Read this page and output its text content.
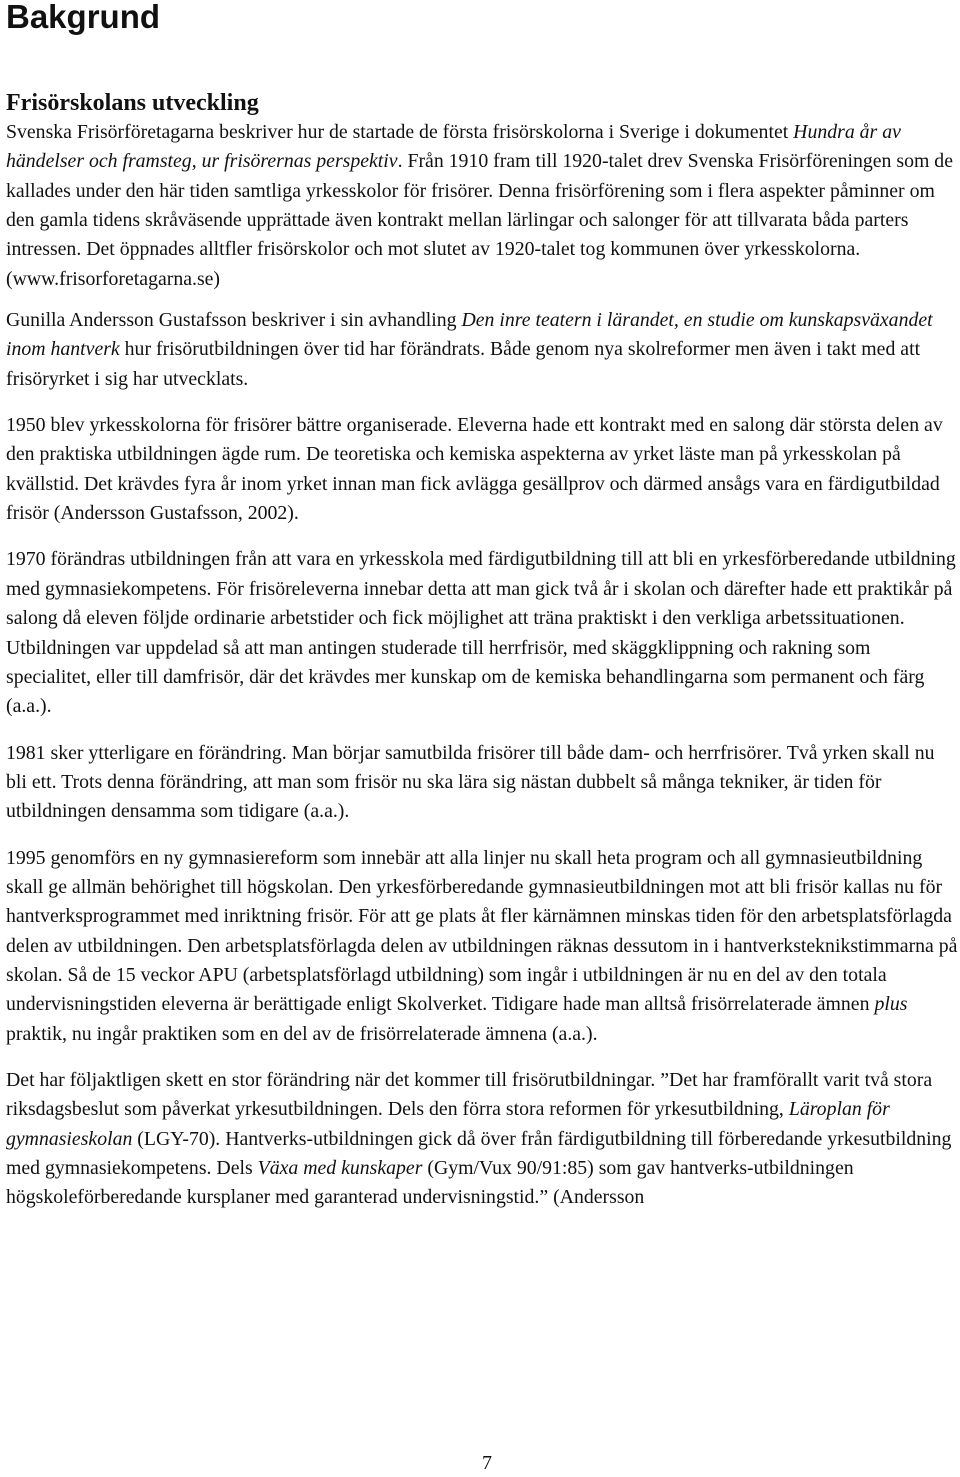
Bakgrund
Frisörskolans utveckling

Svenska Frisörföretagarna beskriver hur de startade de första frisörskolorna i Sverige i dokumentet Hundra år av händelser och framsteg, ur frisörernas perspektiv. Från 1910 fram till 1920-talet drev Svenska Frisörföreningen som de kallades under den här tiden samtliga yrkesskolor för frisörer. Denna frisörförening som i flera aspekter påminner om den gamla tidens skråväsende upprättade även kontrakt mellan lärlingar och salonger för att tillvarata båda parters intressen. Det öppnades alltfler frisörskolor och mot slutet av 1920-talet tog kommunen över yrkesskolorna. (www.frisorforetagarna.se)

Gunilla Andersson Gustafsson beskriver i sin avhandling Den inre teatern i lärandet, en studie om kunskapsväxandet inom hantverk hur frisörutbildningen över tid har förändrats. Både genom nya skolreformer men även i takt med att frisöryrket i sig har utvecklats.

1950 blev yrkesskolorna för frisörer bättre organiserade. Eleverna hade ett kontrakt med en salong där största delen av den praktiska utbildningen ägde rum. De teoretiska och kemiska aspekterna av yrket läste man på yrkesskolan på kvällstid. Det krävdes fyra år inom yrket innan man fick avlägga gesällprov och därmed ansågs vara en färdigutbildad frisör (Andersson Gustafsson, 2002).

1970 förändras utbildningen från att vara en yrkesskola med färdigutbildning till att bli en yrkesförberedande utbildning med gymnasiekompetens. För frisöreleverna innebar detta att man gick två år i skolan och därefter hade ett praktikår på salong då eleven följde ordinarie arbetstider och fick möjlighet att träna praktiskt i den verkliga arbetssituationen. Utbildningen var uppdelad så att man antingen studerade till herrfrisör, med skäggklippning och rakning som specialitet, eller till damfrisör, där det krävdes mer kunskap om de kemiska behandlingarna som permanent och färg (a.a.).

1981 sker ytterligare en förändring. Man börjar samutbilda frisörer till både dam- och herrfrisörer. Två yrken skall nu bli ett. Trots denna förändring, att man som frisör nu ska lära sig nästan dubbelt så många tekniker, är tiden för utbildningen densamma som tidigare (a.a.).

1995 genomförs en ny gymnasiereform som innebär att alla linjer nu skall heta program och all gymnasieutbildning skall ge allmän behörighet till högskolan. Den yrkesförberedande gymnasieutbildningen mot att bli frisör kallas nu för hantverksprogrammet med inriktning frisör. För att ge plats åt fler kärnämnen minskas tiden för den arbetsplatsförlagda delen av utbildningen. Den arbetsplatsförlagda delen av utbildningen räknas dessutom in i hantverksteknikstimmarna på skolan. Så de 15 veckor APU (arbetsplatsförlagd utbildning) som ingår i utbildningen är nu en del av den totala undervisningstiden eleverna är berättigade enligt Skolverket. Tidigare hade man alltså frisörrelaterade ämnen plus praktik, nu ingår praktiken som en del av de frisörrelaterade ämnena (a.a.).

Det har följaktligen skett en stor förändring när det kommer till frisörutbildningar. ”Det har framförallt varit två stora riksdagsbeslut som påverkat yrkesutbildningen. Dels den förra stora reformen för yrkesutbildning, Läroplan för gymnasieskolan (LGY-70). Hantverks-utbildningen gick då över från färdigutbildning till förberedande yrkesutbildning med gymnasiekompetens. Dels Växa med kunskaper (Gym/Vux 90/91:85) som gav hantverks-utbildningen högskoleförberedande kursplaner med garanterad undervisningstid.” (Andersson

7
